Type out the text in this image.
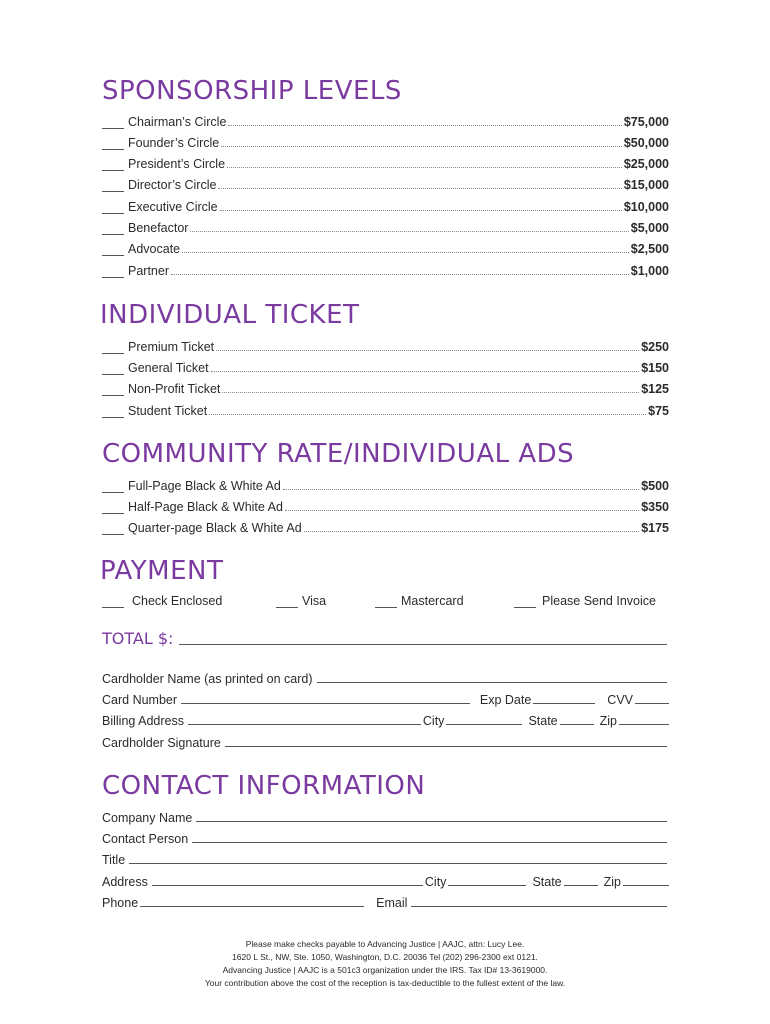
SPONSORSHIP LEVELS
Chairman’s Circle	$75,000
Founder’s Circle	$50,000
President’s Circle	$25,000
Director’s Circle	$15,000
Executive Circle	$10,000
Benefactor	$5,000
Advocate	$2,500
Partner	$1,000
INDIVIDUAL TICKET
Premium Ticket	$250
General Ticket	$150
Non-Profit Ticket	$125
Student Ticket	$75
COMMUNITY RATE/INDIVIDUAL ADS
Full-Page Black & White Ad	$500
Half-Page Black & White Ad	$350
Quarter-page Black & White Ad	$175
PAYMENT
Check Enclosed	Visa	Mastercard	Please Send Invoice
TOTAL $:
Cardholder Name (as printed on card)
Card Number	Exp Date	CVV
Billing Address	City	State	Zip
Cardholder Signature
CONTACT INFORMATION
Company Name
Contact Person
Title
Address	City	State	Zip
Phone	Email
Please make checks payable to Advancing Justice | AAJC, attn: Lucy Lee.
1620 L St., NW, Ste. 1050, Washington, D.C. 20036 Tel (202) 296-2300 ext 0121.
Advancing Justice | AAJC is a 501c3 organization under the IRS. Tax ID# 13-3619000.
Your contribution above the cost of the reception is tax-deductible to the fullest extent of the law.
